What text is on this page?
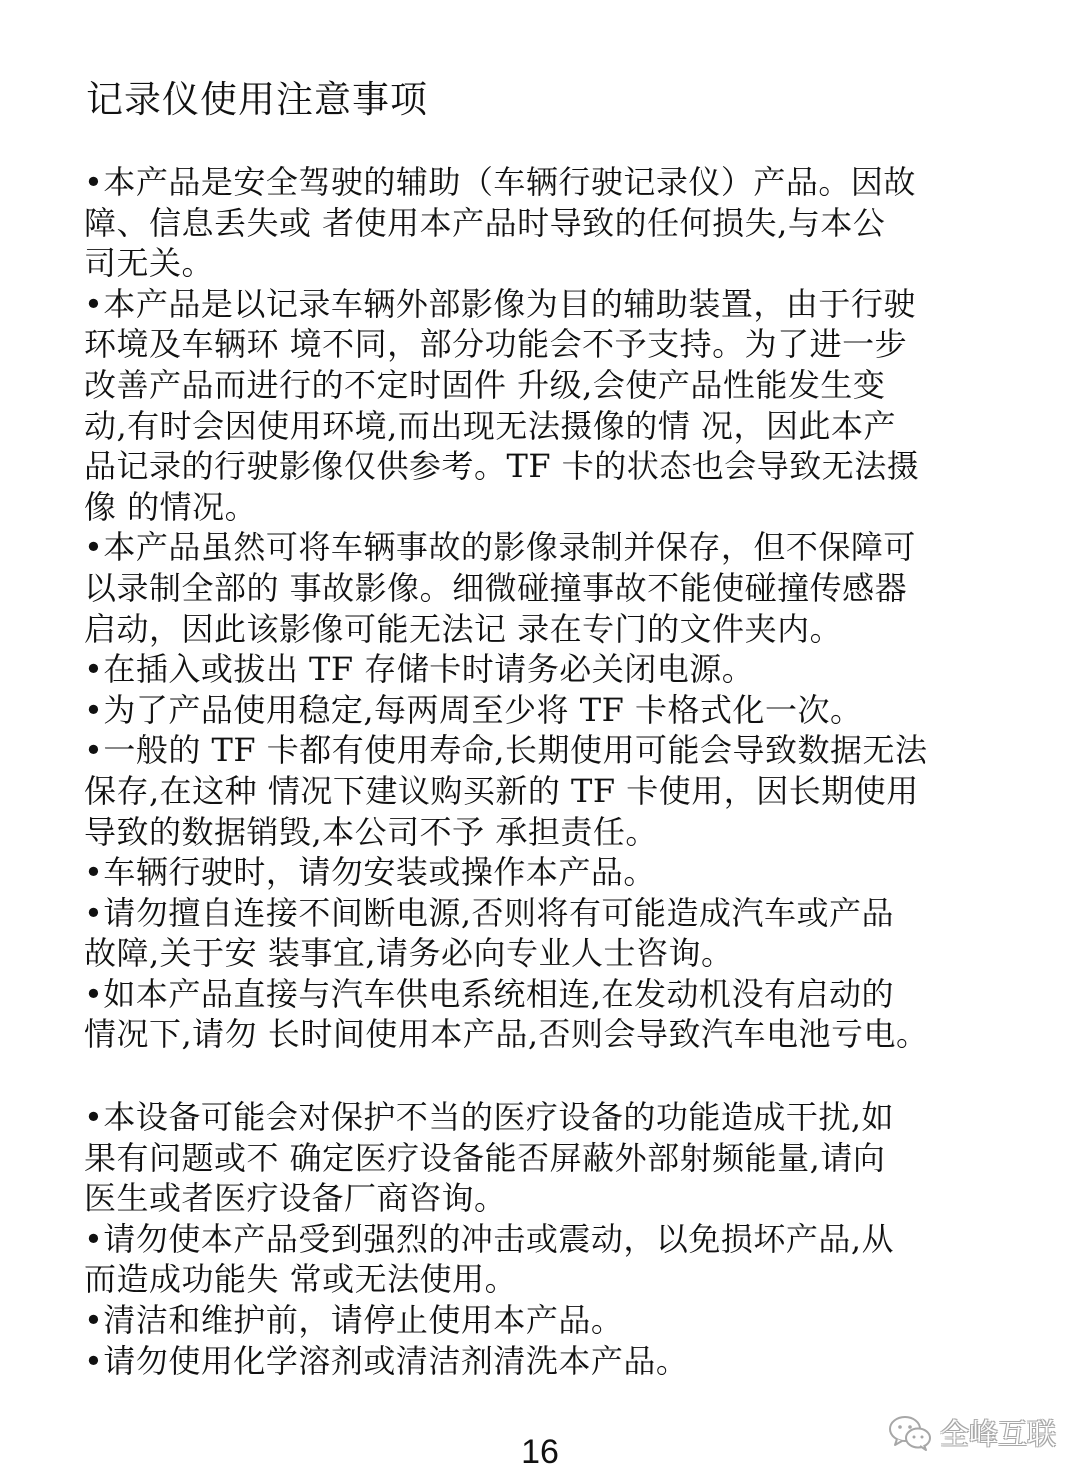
记录仪使用注意事项
•本产品是安全驾驶的辅助（车辆行驶记录仪）产品。因故
障、信息丢失或 者使用本产品时导致的任何损失,与本公
司无关。
•本产品是以记录车辆外部影像为目的辅助装置，由于行驶
环境及车辆环 境不同，部分功能会不予支持。为了进一步
改善产品而进行的不定时固件 升级,会使产品性能发生变
动,有时会因使用环境,而出现无法摄像的情 况，因此本产
品记录的行驶影像仅供参考。TF 卡的状态也会导致无法摄
像 的情况。
•本产品虽然可将车辆事故的影像录制并保存，但不保障可
以录制全部的 事故影像。细微碰撞事故不能使碰撞传感器
启动，因此该影像可能无法记 录在专门的文件夹内。
•在插入或拔出 TF 存储卡时请务必关闭电源。
•为了产品使用稳定,每两周至少将 TF 卡格式化一次。
•一般的 TF 卡都有使用寿命,长期使用可能会导致数据无法
保存,在这种 情况下建议购买新的 TF 卡使用，因长期使用
导致的数据销毁,本公司不予 承担责任。
•车辆行驶时，请勿安装或操作本产品。
•请勿擅自连接不间断电源,否则将有可能造成汽车或产品
故障,关于安 装事宜,请务必向专业人士咨询。
•如本产品直接与汽车供电系统相连,在发动机没有启动的
情况下,请勿 长时间使用本产品,否则会导致汽车电池亏电。
•本设备可能会对保护不当的医疗设备的功能造成干扰,如
果有问题或不 确定医疗设备能否屏蔽外部射频能量,请向
医生或者医疗设备厂商咨询。
•请勿使本产品受到强烈的冲击或震动，以免损坏产品,从
而造成功能失 常或无法使用。
•清洁和维护前，请停止使用本产品。
•请勿使用化学溶剂或清洁剂清洗本产品。
16	全峰互联
